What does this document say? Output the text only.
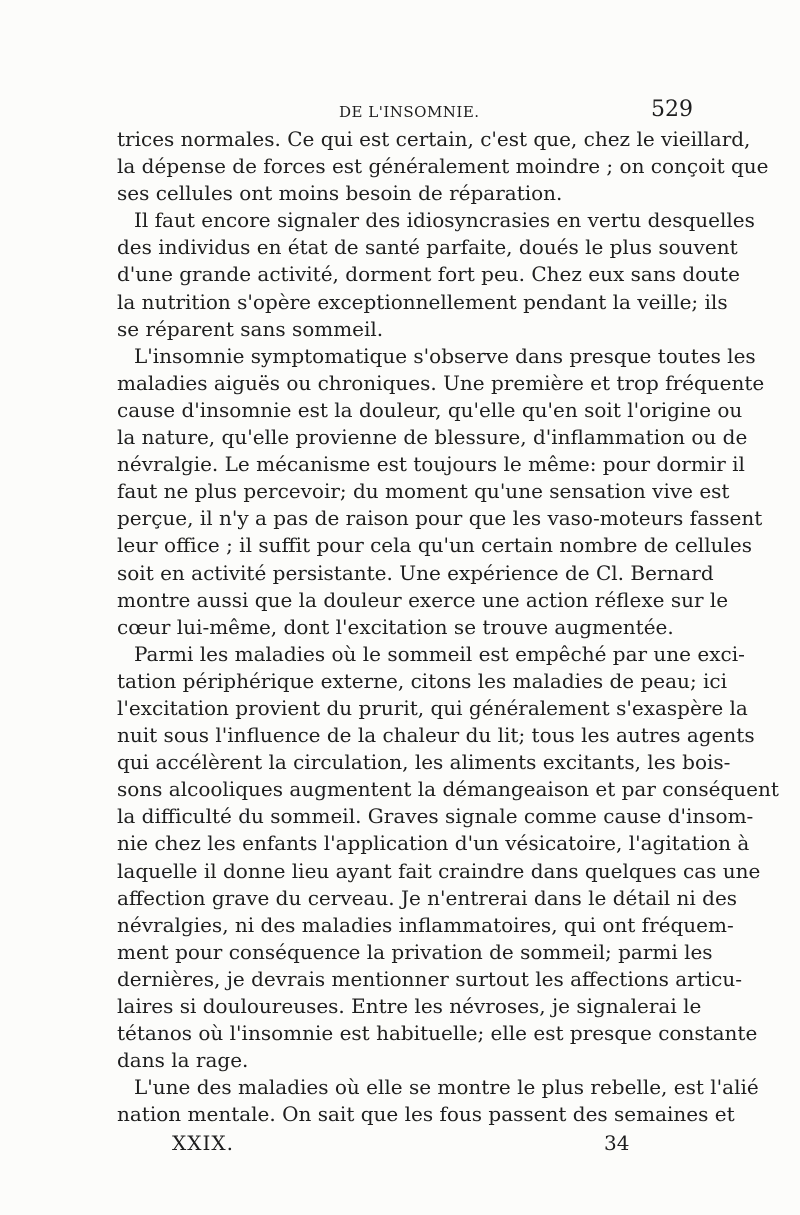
DE L'INSOMNIE.	529
trices normales. Ce qui est certain, c'est que, chez le vieillard,
la dépense de forces est généralement moindre ; on conçoit que
ses cellules ont moins besoin de réparation.
Il faut encore signaler des idiosyncrasies en vertu desquelles
des individus en état de santé parfaite, doués le plus souvent
d'une grande activité, dorment fort peu. Chez eux sans doute
la nutrition s'opère exceptionnellement pendant la veille; ils
se réparent sans sommeil.
L'insomnie symptomatique s'observe dans presque toutes les
maladies aiguës ou chroniques. Une première et trop fréquente
cause d'insomnie est la douleur, qu'elle qu'en soit l'origine ou
la nature, qu'elle provienne de blessure, d'inflammation ou de
névralgie. Le mécanisme est toujours le même: pour dormir il
faut ne plus percevoir; du moment qu'une sensation vive est
perçue, il n'y a pas de raison pour que les vaso-moteurs fassent
leur office ; il suffit pour cela qu'un certain nombre de cellules
soit en activité persistante. Une expérience de Cl. Bernard
montre aussi que la douleur exerce une action réflexe sur le
cœur lui-même, dont l'excitation se trouve augmentée.
Parmi les maladies où le sommeil est empêché par une exci-
tation périphérique externe, citons les maladies de peau; ici
l'excitation provient du prurit, qui généralement s'exaspère la
nuit sous l'influence de la chaleur du lit; tous les autres agents
qui accélèrent la circulation, les aliments excitants, les bois-
sons alcooliques augmentent la démangeaison et par conséquent
la difficulté du sommeil. Graves signale comme cause d'insom-
nie chez les enfants l'application d'un vésicatoire, l'agitation à
laquelle il donne lieu ayant fait craindre dans quelques cas une
affection grave du cerveau. Je n'entrerai dans le détail ni des
névralgies, ni des maladies inflammatoires, qui ont fréquem-
ment pour conséquence la privation de sommeil; parmi les
dernières, je devrais mentionner surtout les affections articu-
laires si douloureuses. Entre les névroses, je signalerai le
tétanos où l'insomnie est habituelle; elle est presque constante
dans la rage.
L'une des maladies où elle se montre le plus rebelle, est l'alié
nation mentale. On sait que les fous passent des semaines et
XXIX.	34
